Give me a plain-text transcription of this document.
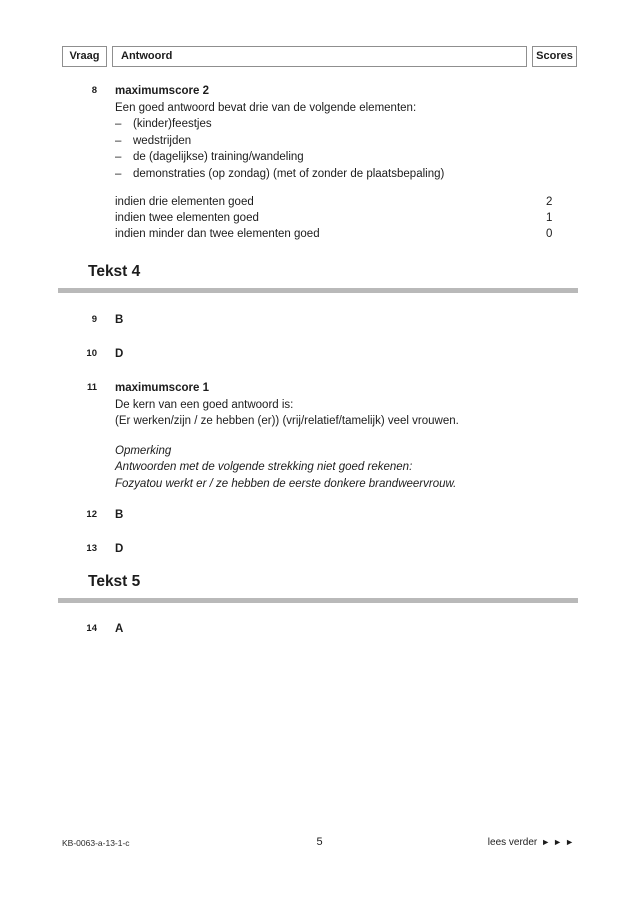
Vraag	Antwoord	Scores
8 maximumscore 2
Een goed antwoord bevat drie van de volgende elementen:
–	(kinder)feestjes
–	wedstrijden
–	de (dagelijkse) training/wandeling
–	demonstraties (op zondag) (met of zonder de plaatsbepaling)
indien drie elementen goed	2
indien twee elementen goed	1
indien minder dan twee elementen goed	0
Tekst 4
9 B
10 D
11 maximumscore 1
De kern van een goed antwoord is:
(Er werken/zijn / ze hebben (er)) (vrij/relatief/tamelijk) veel vrouwen.
Opmerking
Antwoorden met de volgende strekking niet goed rekenen:
Fozyatou werkt er / ze hebben de eerste donkere brandweervrouw.
12 B
13 D
Tekst 5
14 A
KB-0063-a-13-1-c	5	lees verder ►►►
